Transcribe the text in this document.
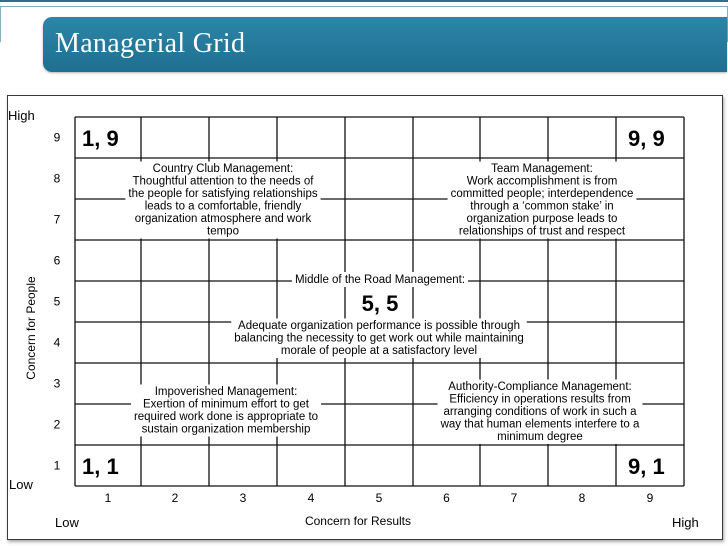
Managerial Grid
High
Low
Low	High
Concern for Results
Concern for People
1
2
3
4
5
6
7
8
9
1	2	3	4	5	6	7	8	9
1, 9	9, 9
5, 5
1, 1	9, 1
Country Club Management:
Thoughtful attention to the needs of
the people for satisfying relationships
leads to a comfortable, friendly
organization atmosphere and work
tempo
Team Management:
Work accomplishment is from
committed people; interdependence
through a ‘common stake’ in
organization purpose leads to
relationships of trust and respect
Middle of the Road Management:
Adequate organization performance is possible through
balancing the necessity to get work out while maintaining
morale of people at a satisfactory level
Impoverished Management:
Exertion of minimum effort to get
required work done is appropriate to
sustain organization membership
Authority-Compliance Management:
Efficiency in operations results from
arranging conditions of work in such a
way that human elements interfere to a
minimum degree
